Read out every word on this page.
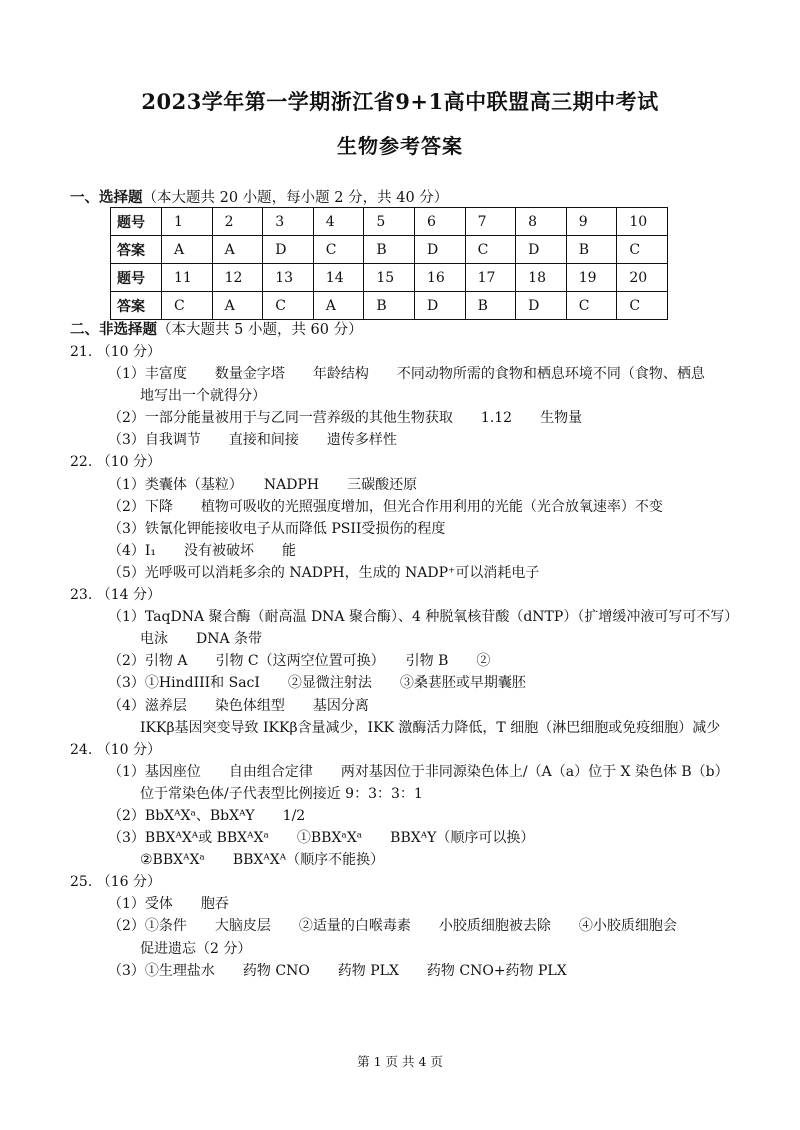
2023学年第一学期浙江省9+1高中联盟高三期中考试
生物参考答案
一、选择题（本大题共 20 小题，每小题 2 分，共 40 分）
题号	1	2	3	4	5	6	7	8	9	10
答案	A	A	D	C	B	D	C	D	B	C
题号	11	12	13	14	15	16	17	18	19	20
答案	C	A	C	A	B	D	B	D	C	C
二、非选择题（本大题共 5 小题，共 60 分）
21. （10 分）
（1）丰富度　　数量金字塔　　年龄结构　　不同动物所需的食物和栖息环境不同（食物、栖息
地写出一个就得分）
（2）一部分能量被用于与乙同一营养级的其他生物获取　　1.12　　生物量
（3）自我调节　　直接和间接　　遗传多样性
22. （10 分）
（1）类囊体（基粒）　　NADPH　　三碳酸还原
（2）下降　　植物可吸收的光照强度增加，但光合作用利用的光能（光合放氧速率）不变
（3）铁氰化钾能接收电子从而降低 PSII受损伤的程度
（4）I₁　　没有被破坏　　能
（5）光呼吸可以消耗多余的 NADPH，生成的 NADP⁺可以消耗电子
23. （14 分）
（1）TaqDNA 聚合酶（耐高温 DNA 聚合酶）、4 种脱氧核苷酸（dNTP）（扩增缓冲液可写可不写）
电泳　　DNA 条带
（2）引物 A　　引物 C（这两空位置可换）　　引物 B　　②
（3）①HindIII和 SacI　　②显微注射法　　③桑葚胚或早期囊胚
（4）滋养层　　染色体组型　　基因分离
IKKβ基因突变导致 IKKβ含量减少，IKK 激酶活力降低，T 细胞（淋巴细胞或免疫细胞）减少
24. （10 分）
（1）基因座位　　自由组合定律　　两对基因位于非同源染色体上/（A（a）位于 X 染色体 B（b）
位于常染色体/子代表型比例接近 9：3：3：1
（2）BbXᴬXᵃ、BbXᴬY　　1/2
（3）BBXᴬXᴬ或 BBXᴬXᵃ　　①BBXᵃXᵃ　　BBXᴬY（顺序可以换）
②BBXᴬXᵃ　　BBXᴬXᴬ（顺序不能换）
25. （16 分）
（1）受体　　胞吞
（2）①条件　　大脑皮层　　②适量的白喉毒素　　小胶质细胞被去除　　④小胶质细胞会
促进遗忘（2 分）
（3）①生理盐水　　药物 CNO　　药物 PLX　　药物 CNO+药物 PLX
第 1 页 共 4 页
